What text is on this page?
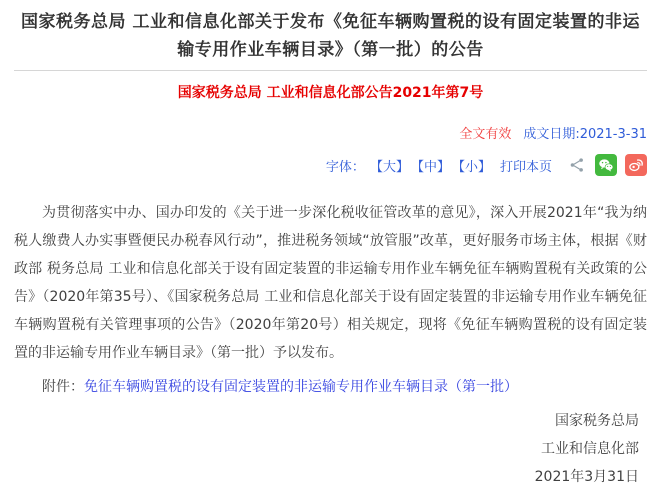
国家税务总局 工业和信息化部关于发布《免征车辆购置税的设有固定装置的非运输专用作业车辆目录》（第一批）的公告
国家税务总局 工业和信息化部公告2021年第7号
全文有效 成文日期:2021-3-31
字体： 【大】 【中】 【小】 打印本页

为贯彻落实中办、国办印发的《关于进一步深化税收征管改革的意见》，深入开展2021年“我为纳税人缴费人办实事暨便民办税春风行动”，推进税务领域“放管服”改革，更好服务市场主体，根据《财政部 税务总局 工业和信息化部关于设有固定装置的非运输专用作业车辆免征车辆购置税有关政策的公告》（2020年第35号）、《国家税务总局 工业和信息化部关于设有固定装置的非运输专用作业车辆免征车辆购置税有关管理事项的公告》（2020年第20号）相关规定，现将《免征车辆购置税的设有固定装置的非运输专用作业车辆目录》（第一批）予以发布。

附件：免征车辆购置税的设有固定装置的非运输专用作业车辆目录（第一批）
国家税务总局
工业和信息化部
2021年3月31日
